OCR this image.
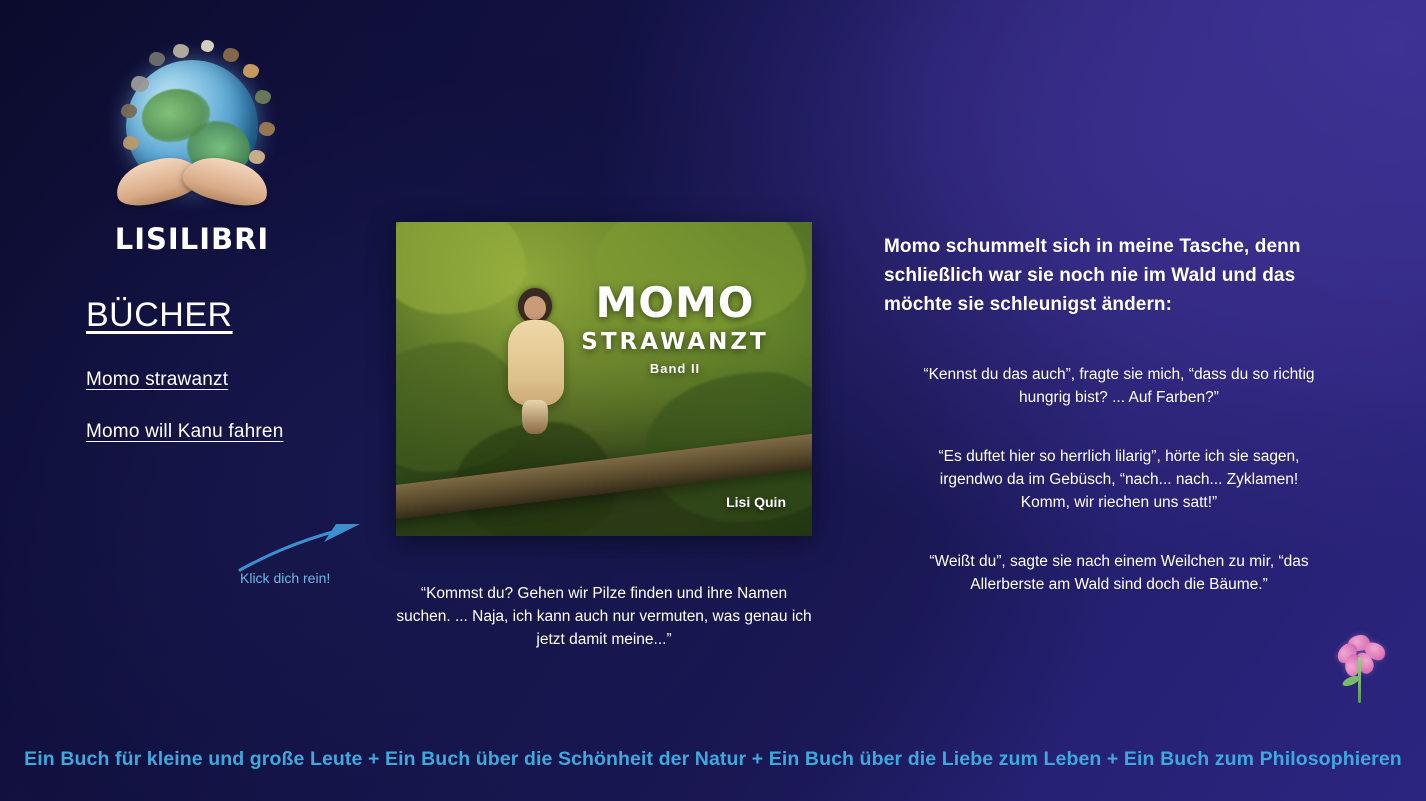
LISILIBRI
BÜCHER
Momo strawanzt
Momo will Kanu fahren
Klick dich rein!
MOMO
STRAWANZT
Band II
Lisi Quin
“Kommst du? Gehen wir Pilze finden und ihre Namen suchen. ... Naja, ich kann auch nur vermuten, was genau ich jetzt damit meine...”

Momo schummelt sich in meine Tasche, denn schließlich war sie noch nie im Wald und das möchte sie schleunigst ändern:

“Kennst du das auch”, fragte sie mich, “dass du so richtig hungrig bist? ... Auf Farben?”

“Es duftet hier so herrlich lilarig”, hörte ich sie sagen, irgendwo da im Gebüsch, “nach... nach... Zyklamen! Komm, wir riechen uns satt!”

“Weißt du”, sagte sie nach einem Weilchen zu mir, “das Allerberste am Wald sind doch die Bäume.”

Ein Buch für kleine und große Leute + Ein Buch über die Schönheit der Natur + Ein Buch über die Liebe zum Leben + Ein Buch zum Philosophieren
